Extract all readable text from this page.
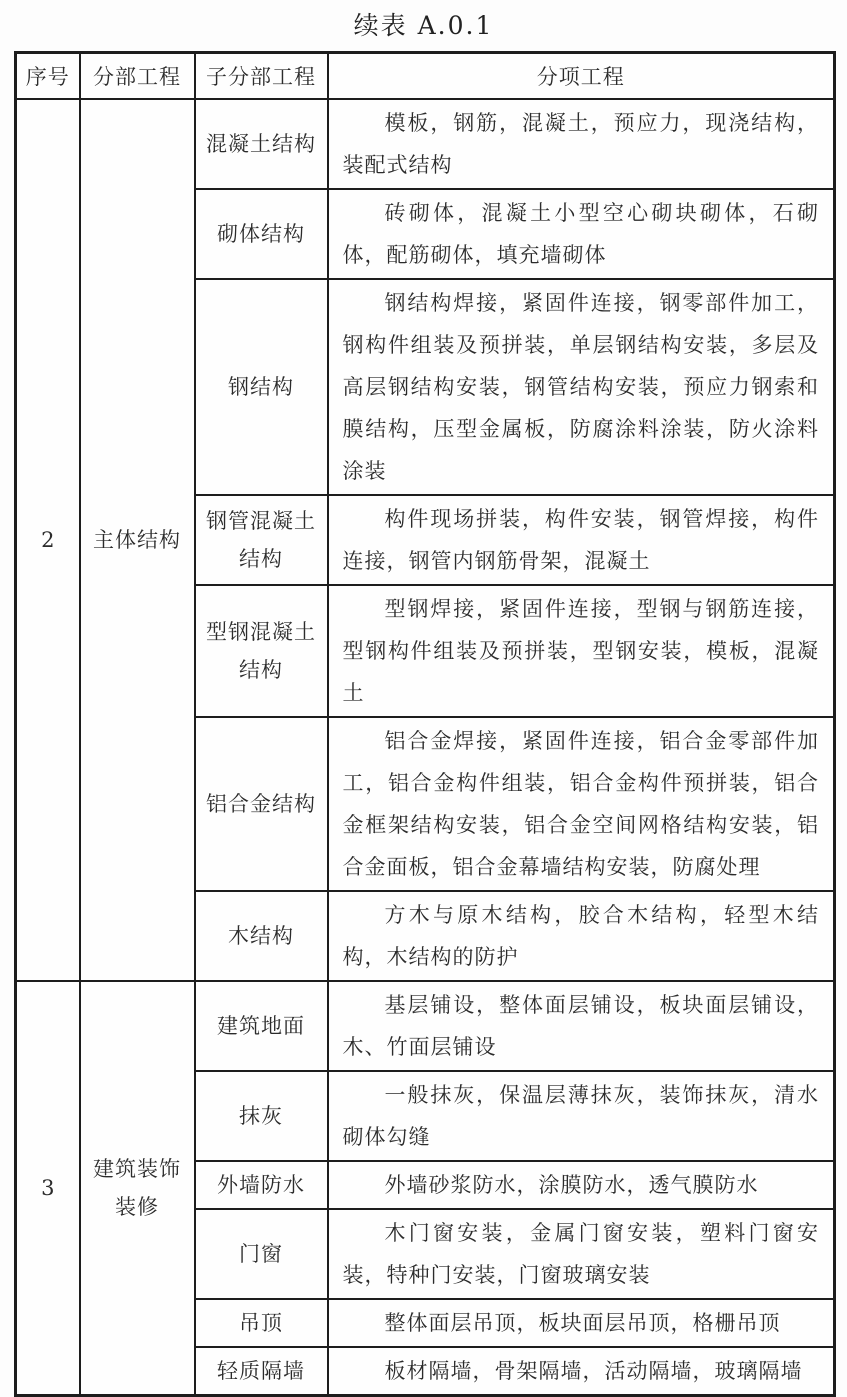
续表 A.0.1
序号	分部工程	子分部工程	分项工程
2	主体结构	混凝土结构	模板，钢筋，混凝土，预应力，现浇结构，装配式结构
		砌体结构	砖砌体，混凝土小型空心砌块砌体，石砌体，配筋砌体，填充墙砌体
		钢结构	钢结构焊接，紧固件连接，钢零部件加工，钢构件组装及预拼装，单层钢结构安装，多层及高层钢结构安装，钢管结构安装，预应力钢索和膜结构，压型金属板，防腐涂料涂装，防火涂料涂装
		钢管混凝土结构	构件现场拼装，构件安装，钢管焊接，构件连接，钢管内钢筋骨架，混凝土
		型钢混凝土结构	型钢焊接，紧固件连接，型钢与钢筋连接，型钢构件组装及预拼装，型钢安装，模板，混凝土
		铝合金结构	铝合金焊接，紧固件连接，铝合金零部件加工，铝合金构件组装，铝合金构件预拼装，铝合金框架结构安装，铝合金空间网格结构安装，铝合金面板，铝合金幕墙结构安装，防腐处理
		木结构	方木与原木结构，胶合木结构，轻型木结构，木结构的防护
3	建筑装饰装修	建筑地面	基层铺设，整体面层铺设，板块面层铺设，木、竹面层铺设
		抹灰	一般抹灰，保温层薄抹灰，装饰抹灰，清水砌体勾缝
		外墙防水	外墙砂浆防水，涂膜防水，透气膜防水
		门窗	木门窗安装，金属门窗安装，塑料门窗安装，特种门安装，门窗玻璃安装
		吊顶	整体面层吊顶，板块面层吊顶，格栅吊顶
		轻质隔墙	板材隔墙，骨架隔墙，活动隔墙，玻璃隔墙
